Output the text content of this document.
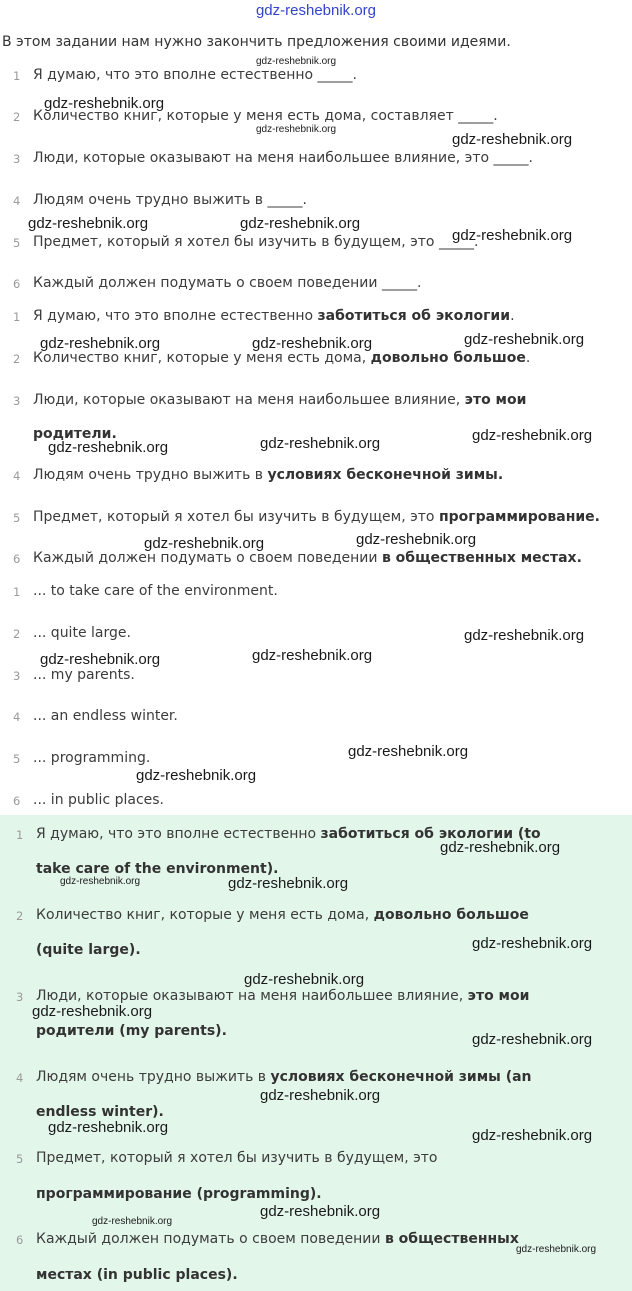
gdz-reshebnik.org
В этом задании нам нужно закончить предложения своими идеями.
1 Я думаю, что это вполне естественно _____.
2 Количество книг, которые у меня есть дома, составляет _____.
3 Люди, которые оказывают на меня наибольшее влияние, это _____.
4 Людям очень трудно выжить в _____.
5 Предмет, который я хотел бы изучить в будущем, это _____.
6 Каждый должен подумать о своем поведении _____.
1 Я думаю, что это вполне естественно заботиться об экологии.
2 Количество книг, которые у меня есть дома, довольно большое.
3 Люди, которые оказывают на меня наибольшее влияние, это мои
родители.
4 Людям очень трудно выжить в условиях бесконечной зимы.
5 Предмет, который я хотел бы изучить в будущем, это программирование.
6 Каждый должен подумать о своем поведении в общественных местах.
1 ... to take care of the environment.
2 ... quite large.
3 ... my parents.
4 ... an endless winter.
5 ... programming.
6 ... in public places.
1 Я думаю, что это вполне естественно заботиться об экологии (to
take care of the environment).
2 Количество книг, которые у меня есть дома, довольно большое
(quite large).
3 Люди, которые оказывают на меня наибольшее влияние, это мои
родители (my parents).
4 Людям очень трудно выжить в условиях бесконечной зимы (an
endless winter).
5 Предмет, который я хотел бы изучить в будущем, это
программирование (programming).
6 Каждый должен подумать о своем поведении в общественных
местах (in public places).
gdz-reshebnik.org
gdz-reshebnik.org
gdz-reshebnik.org
gdz-reshebnik.org
gdz-reshebnik.org	gdz-reshebnik.org
gdz-reshebnik.org
gdz-reshebnik.org
gdz-reshebnik.org	gdz-reshebnik.org
gdz-reshebnik.org
gdz-reshebnik.org
gdz-reshebnik.org
gdz-reshebnik.org
gdz-reshebnik.org
gdz-reshebnik.org
gdz-reshebnik.org
gdz-reshebnik.org
gdz-reshebnik.org
gdz-reshebnik.org
gdz-reshebnik.org
gdz-reshebnik.org	gdz-reshebnik.org
gdz-reshebnik.org
gdz-reshebnik.org
gdz-reshebnik.org
gdz-reshebnik.org
gdz-reshebnik.org
gdz-reshebnik.org	gdz-reshebnik.org
gdz-reshebnik.org
gdz-reshebnik.org
gdz-reshebnik.org
